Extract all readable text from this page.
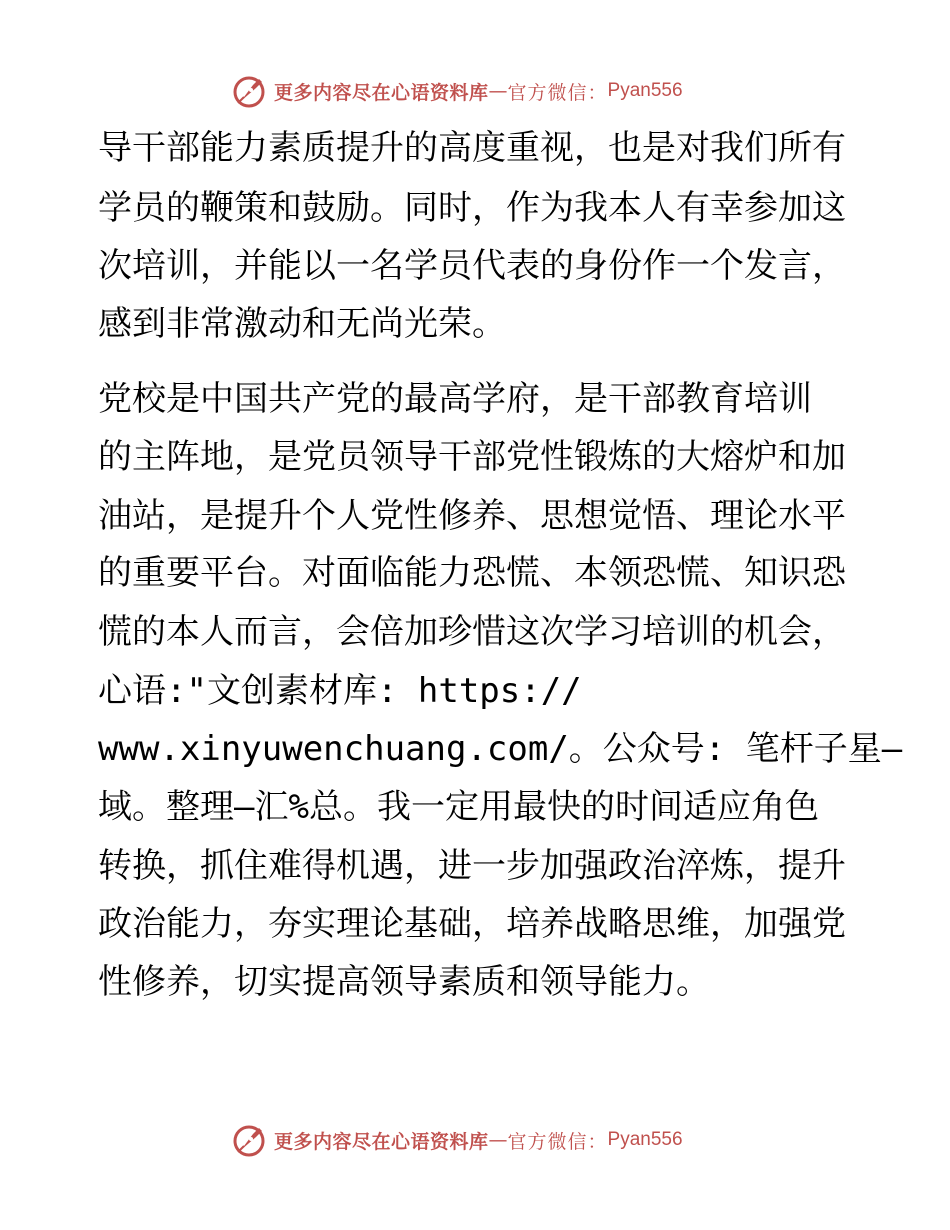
更多内容尽在心语资料库 — 官方微信： Pyan556
导干部能力素质提升的高度重视，也是对我们所有
学员的鞭策和鼓励。同时，作为我本人有幸参加这
次培训，并能以一名学员代表的身份作一个发言，
感到非常激动和无尚光荣。
党校是中国共产党的最高学府，是干部教育培训
的主阵地，是党员领导干部党性锻炼的大熔炉和加
油站，是提升个人党性修养、思想觉悟、理论水平
的重要平台。对面临能力恐慌、本领恐慌、知识恐
慌的本人而言，会倍加珍惜这次学习培训的机会，
心语:"文创素材库: https://
www.xinyuwenchuang.com/。公众号: 笔杆子星—
域。整理—汇%总。我一定用最快的时间适应角色
转换，抓住难得机遇，进一步加强政治淬炼，提升
政治能力，夯实理论基础，培养战略思维，加强党
性修养，切实提高领导素质和领导能力。
更多内容尽在心语资料库 — 官方微信： Pyan556
